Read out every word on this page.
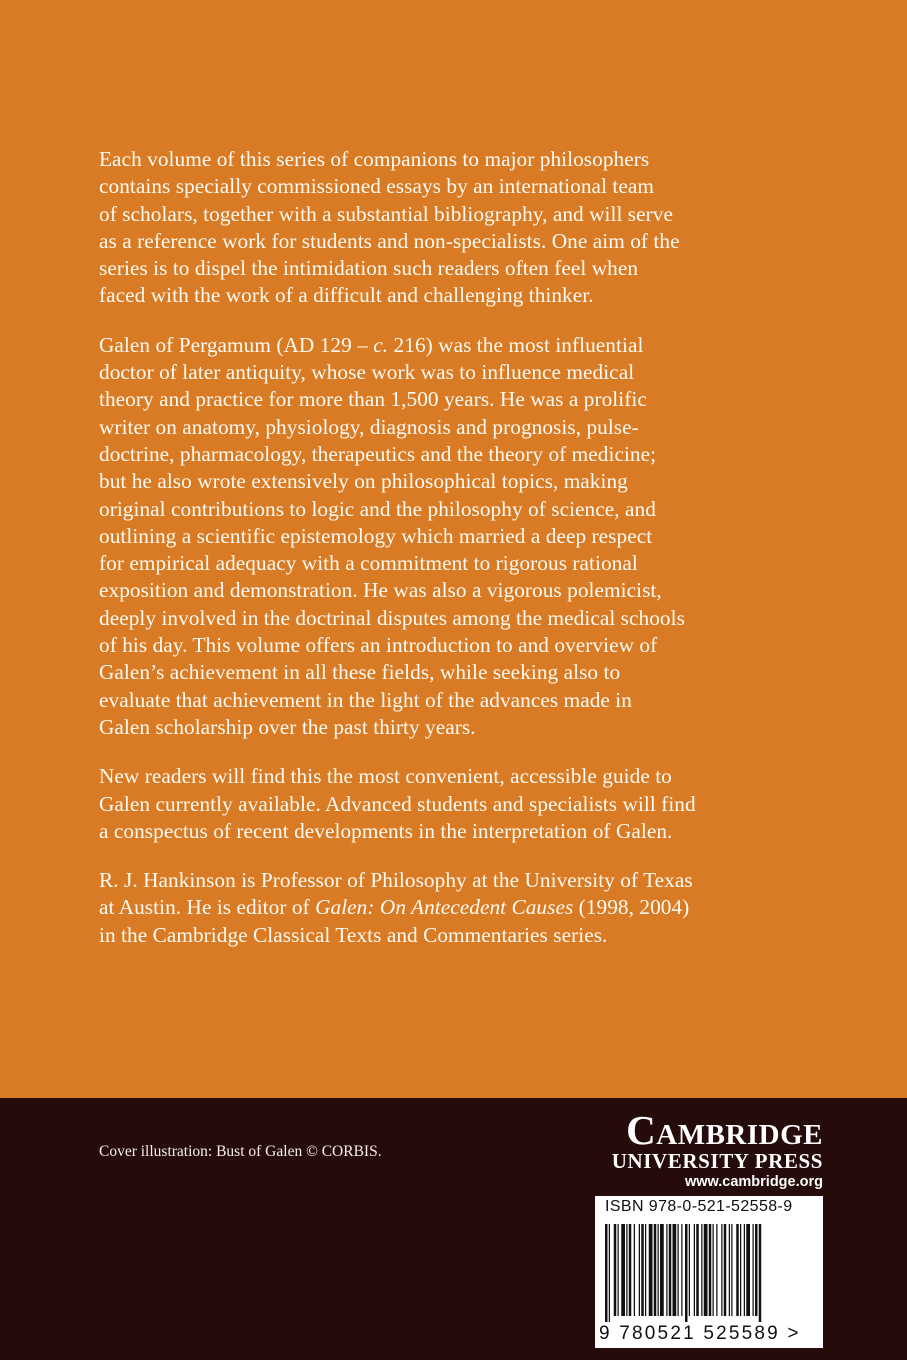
Each volume of this series of companions to major philosophers
contains specially commissioned essays by an international team
of scholars, together with a substantial bibliography, and will serve
as a reference work for students and non-specialists. One aim of the
series is to dispel the intimidation such readers often feel when
faced with the work of a difficult and challenging thinker.

Galen of Pergamum (AD 129 – c. 216) was the most influential
doctor of later antiquity, whose work was to influence medical
theory and practice for more than 1,500 years. He was a prolific
writer on anatomy, physiology, diagnosis and prognosis, pulse-
doctrine, pharmacology, therapeutics and the theory of medicine;
but he also wrote extensively on philosophical topics, making
original contributions to logic and the philosophy of science, and
outlining a scientific epistemology which married a deep respect
for empirical adequacy with a commitment to rigorous rational
exposition and demonstration. He was also a vigorous polemicist,
deeply involved in the doctrinal disputes among the medical schools
of his day. This volume offers an introduction to and overview of
Galen’s achievement in all these fields, while seeking also to
evaluate that achievement in the light of the advances made in
Galen scholarship over the past thirty years.

New readers will find this the most convenient, accessible guide to
Galen currently available. Advanced students and specialists will find
a conspectus of recent developments in the interpretation of Galen.

R. J. Hankinson is Professor of Philosophy at the University of Texas
at Austin. He is editor of Galen: On Antecedent Causes (1998, 2004)
in the Cambridge Classical Texts and Commentaries series.

Cover illustration: Bust of Galen © CORBIS.	Cambridge
UNIVERSITY PRESS
www.cambridge.org
ISBN 978-0-521-52558-9
9 780521 525589 >
